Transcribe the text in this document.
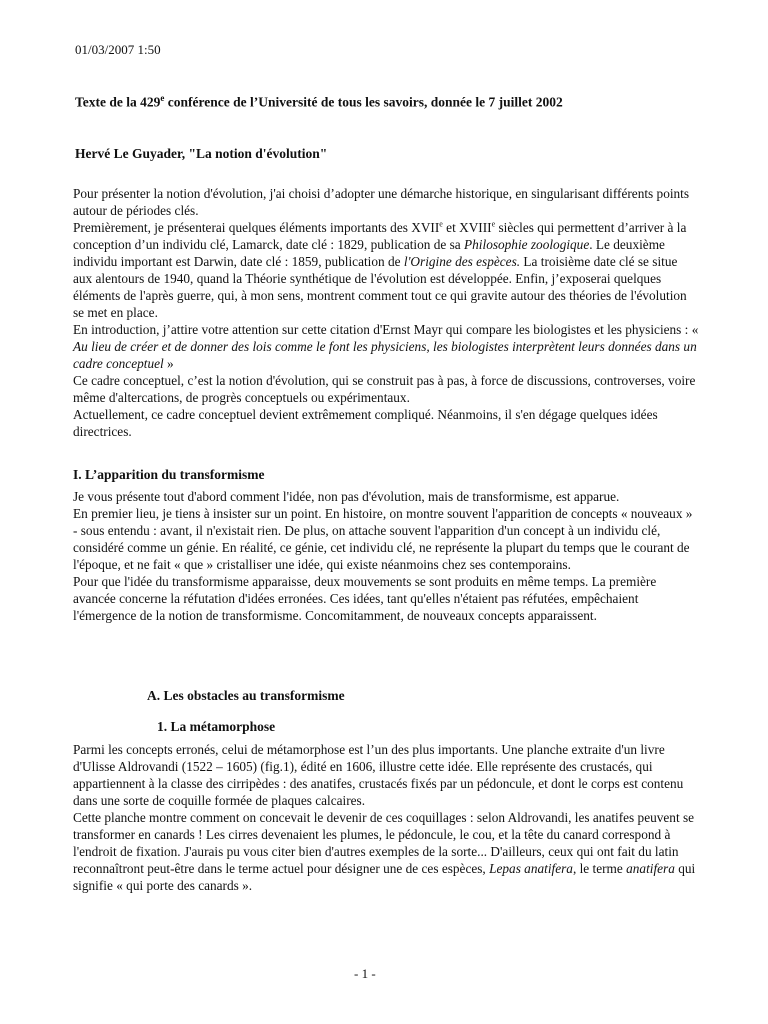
01/03/2007 1:50
Texte de la 429e conférence de l’Université de tous les savoirs, donnée le 7 juillet 2002
Hervé Le Guyader, "La notion d'évolution"

Pour présenter la notion d'évolution, j'ai choisi d’adopter une démarche historique, en singularisant différents points autour de périodes clés.

Premièrement, je présenterai quelques éléments importants des XVIIe et XVIIIe siècles qui permettent d’arriver à la conception d’un individu clé, Lamarck, date clé : 1829, publication de sa Philosophie zoologique. Le deuxième individu important est Darwin, date clé : 1859, publication de l'Origine des espèces. La troisième date clé se situe aux alentours de 1940, quand la Théorie synthétique de l'évolution est développée. Enfin, j’exposerai quelques éléments de l'après guerre, qui, à mon sens, montrent comment tout ce qui gravite autour des théories de l'évolution se met en place.

En introduction, j’attire votre attention sur cette citation d'Ernst Mayr qui compare les biologistes et les physiciens : « Au lieu de créer et de donner des lois comme le font les physiciens, les biologistes interprètent leurs données dans un cadre conceptuel »

Ce cadre conceptuel, c’est la notion d'évolution, qui se construit pas à pas, à force de discussions, controverses, voire même d'altercations, de progrès conceptuels ou expérimentaux.

Actuellement, ce cadre conceptuel devient extrêmement compliqué. Néanmoins, il s'en dégage quelques idées directrices.

I. L’apparition du transformisme

Je vous présente tout d'abord comment l'idée, non pas d'évolution, mais de transformisme, est apparue.

En premier lieu, je tiens à insister sur un point. En histoire, on montre souvent l'apparition de concepts « nouveaux » - sous entendu : avant, il n'existait rien. De plus, on attache souvent l'apparition d'un concept à un individu clé, considéré comme un génie. En réalité, ce génie, cet individu clé, ne représente la plupart du temps que le courant de l'époque, et ne fait « que » cristalliser une idée, qui existe néanmoins chez ses contemporains.

Pour que l'idée du transformisme apparaisse, deux mouvements se sont produits en même temps. La première avancée concerne la réfutation d'idées erronées. Ces idées, tant qu'elles n'étaient pas réfutées, empêchaient l'émergence de la notion de transformisme. Concomitamment, de nouveaux concepts apparaissent.

A. Les obstacles au transformisme
1. La métamorphose

Parmi les concepts erronés, celui de métamorphose est l’un des plus importants. Une planche extraite d'un livre d'Ulisse Aldrovandi (1522 – 1605) (fig.1), édité en 1606, illustre cette idée. Elle représente des crustacés, qui appartiennent à la classe des cirripèdes : des anatifes, crustacés fixés par un pédoncule, et dont le corps est contenu dans une sorte de coquille formée de plaques calcaires.

Cette planche montre comment on concevait le devenir de ces coquillages : selon Aldrovandi, les anatifes peuvent se transformer en canards ! Les cirres devenaient les plumes, le pédoncule, le cou, et la tête du canard correspond à l'endroit de fixation. J'aurais pu vous citer bien d'autres exemples de la sorte... D'ailleurs, ceux qui ont fait du latin reconnaîtront peut-être dans le terme actuel pour désigner une de ces espèces, Lepas anatifera, le terme anatifera qui signifie « qui porte des canards ».

- 1 -
